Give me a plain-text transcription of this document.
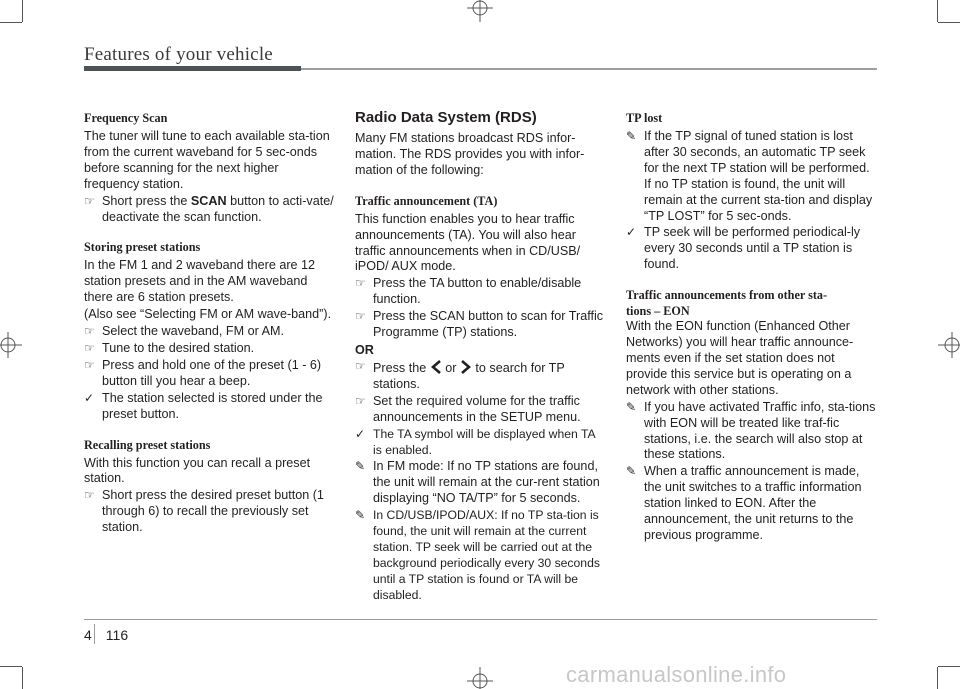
Features of your vehicle
Frequency Scan
The tuner will tune to each available sta-tion from the current waveband for 5 sec-onds before scanning for the next higher frequency station.
☞ Short press the SCAN button to acti-vate/ deactivate the scan function.
Storing preset stations
In the FM 1 and 2 waveband there are 12 station presets and in the AM waveband there are 6 station presets.
(Also see “Selecting FM or AM wave-band”).
☞ Select the waveband, FM or AM.
☞ Tune to the desired station.
☞ Press and hold one of the preset (1 - 6) button till you hear a beep.
✓ The station selected is stored under the preset button.
Recalling preset stations
With this function you can recall a preset station.
☞ Short press the desired preset button (1 through 6) to recall the previously set station.
Radio Data System (RDS)
Many FM stations broadcast RDS infor-mation. The RDS provides you with infor-mation of the following:
Traffic announcement (TA)
This function enables you to hear traffic announcements (TA). You will also hear traffic announcements when in CD/USB/ iPOD/ AUX mode.
☞ Press the TA button to enable/disable function.
☞ Press the SCAN button to scan for Traffic Programme (TP) stations.
OR
☞ Press the or to search for TP stations.
☞ Set the required volume for the traffic announcements in the SETUP menu.
✓ The TA symbol will be displayed when TA is enabled.
✎ In FM mode: If no TP stations are found, the unit will remain at the cur-rent station displaying “NO TA/TP” for 5 seconds.
✎ In CD/USB/IPOD/AUX: If no TP sta-tion is found, the unit will remain at the current station. TP seek will be carried out at the background periodically every 30 seconds until a TP station is found or TA will be disabled.
TP lost
✎ If the TP signal of tuned station is lost after 30 seconds, an automatic TP seek for the next TP station will be performed. If no TP station is found, the unit will remain at the current sta-tion and display “TP LOST” for 5 sec-onds.
✓ TP seek will be performed periodical-ly every 30 seconds until a TP station is found.
Traffic announcements from other sta-
tions – EON
With the EON function (Enhanced Other Networks) you will hear traffic announce-ments even if the set station does not provide this service but is operating on a network with other stations.
✎ If you have activated Traffic info, sta-tions with EON will be treated like traf-fic stations, i.e. the search will also stop at these stations.
✎ When a traffic announcement is made, the unit switches to a traffic information station linked to EON. After the announcement, the unit returns to the previous programme.
4 116
carmanualsonline.info
